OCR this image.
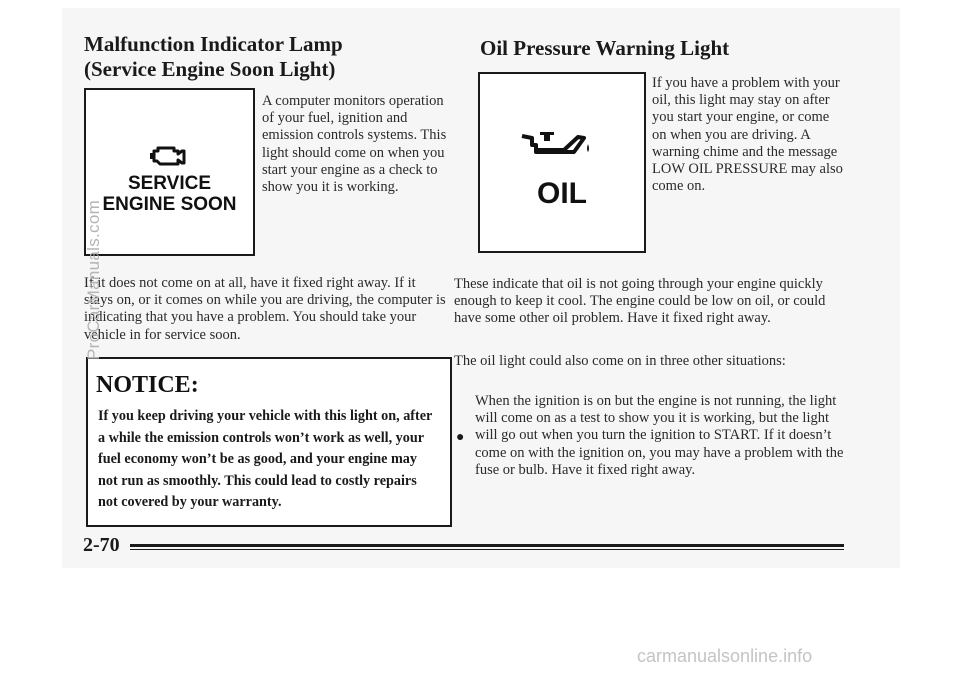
Malfunction Indicator Lamp
(Service Engine Soon Light)
SERVICE
ENGINE SOON

A computer monitors operation of your fuel, ignition and emission controls systems. This light should come on when you start your engine as a check to show you it is working.

If it does not come on at all, have it fixed right away. If it stays on, or it comes on while you are driving, the computer is indicating that you have a problem. You should take your vehicle in for service soon.

NOTICE:

If you keep driving your vehicle with this light on, after a while the emission controls won’t work as well, your fuel economy won’t be as good, and your engine may not run as smoothly. This could lead to costly repairs not covered by your warranty.

Oil Pressure Warning Light
OIL

If you have a problem with your oil, this light may stay on after you start your engine, or come on when you are driving. A warning chime and the message LOW OIL PRESSURE may also come on.

These indicate that oil is not going through your engine quickly enough to keep it cool. The engine could be low on oil, or could have some other oil problem. Have it fixed right away.

The oil light could also come on in three other situations:

●

When the ignition is on but the engine is not running, the light will come on as a test to show you it is working, but the light will go out when you turn the ignition to START. If it doesn’t come on with the ignition on, you may have a problem with the fuse or bulb. Have it fixed right away.

2-70
ProCarManuals.com
carmanualsonline.info
